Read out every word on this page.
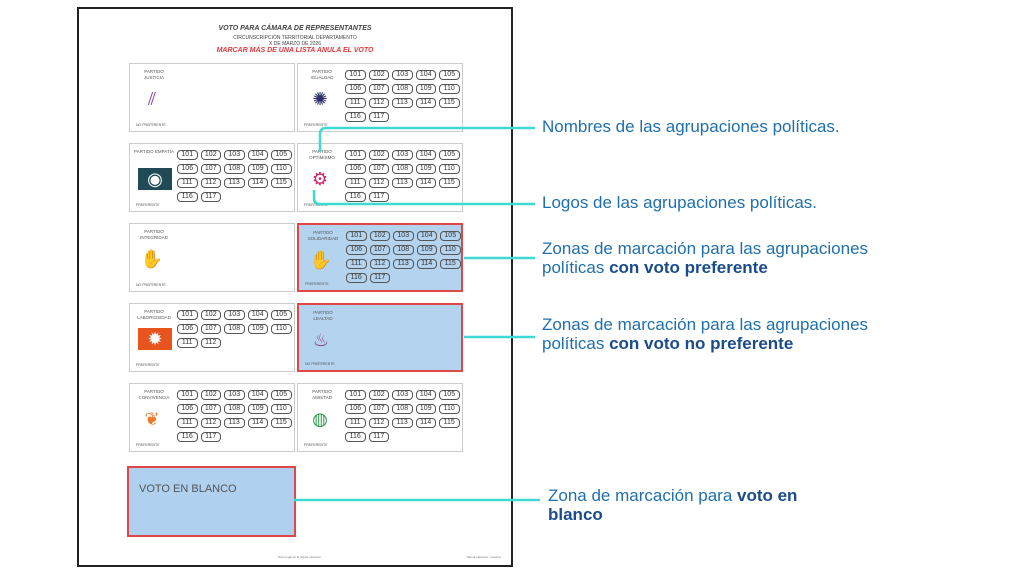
VOTO PARA CÁMARA DE REPRESENTANTES
CIRCUNSCRIPCIÓN TERRITORIAL DEPARTAMENTO
X DE MARZO DE 2026
MARCAR MÁS DE UNA LISTA ANULA EL VOTO
PARTIDO JUSTICIA
⫽
NO PREFERENTE
PARTIDO IGUALDAD
✺
PREFERENTE
101	102	103	104	105
106	107	108	109	110
111	112	113	114	115
116	117
PARTIDO EMPATÍA
◉
PREFERENTE
101	102	103	104	105
106	107	108	109	110
111	112	113	114	115
116	117
PARTIDO OPTIMISMO
⚙
PREFERENTE
101	102	103	104	105
106	107	108	109	110
111	112	113	114	115
116	117
PARTIDO INTEGRIDAD
✋
NO PREFERENTE
PARTIDO SOLIDARIDAD
✋
PREFERENTE
101	102	103	104	105
106	107	108	109	110
111	112	113	114	115
116	117
PARTIDO LABORIOSIDAD
✹
PREFERENTE
101	102	103	104	105
106	107	108	109	110
111	112
PARTIDO LEALTAD
♨
NO PREFERENTE
PARTIDO CONVIVENCIA
❦
PREFERENTE
101	102	103	104	105
106	107	108	109	110
111	112	113	114	115
116	117
PARTIDO AMISTAD
◍
PREFERENTE
101	102	103	104	105
106	107	108	109	110
111	112	113	114	115
116	117
VOTO EN BLANCO
Texto legal de la tarjeta electoral	Tarjeta electoral - muestra
Nombres de las agrupaciones políticas.
Logos de las agrupaciones políticas.
Zonas de marcación para las agrupaciones políticas con voto preferente
Zonas de marcación para las agrupaciones políticas con voto no preferente
Zona de marcación para voto en blanco
